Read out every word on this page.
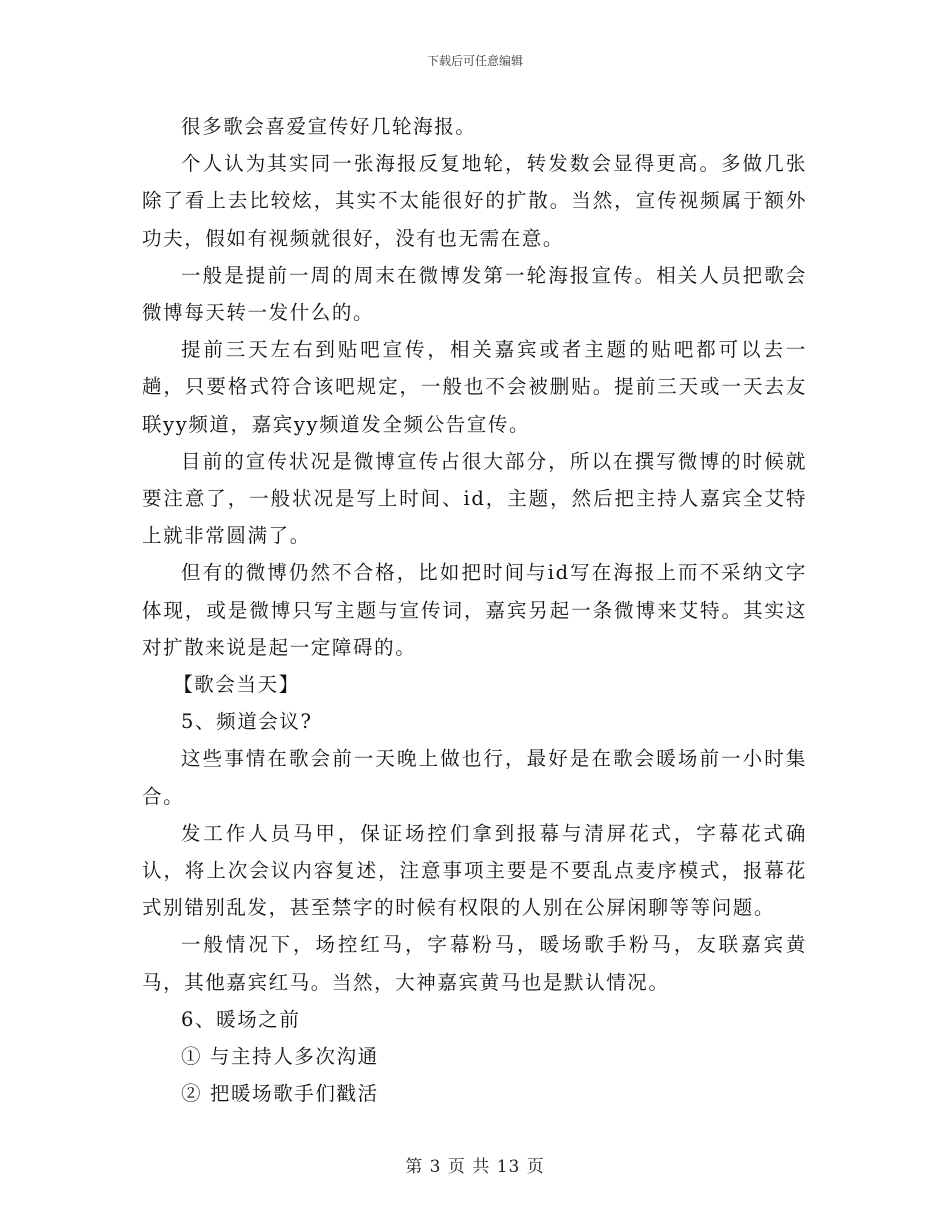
下载后可任意编辑

很多歌会喜爱宣传好几轮海报。

个人认为其实同一张海报反复地轮，转发数会显得更高。多做几张除了看上去比较炫，其实不太能很好的扩散。当然，宣传视频属于额外功夫，假如有视频就很好，没有也无需在意。

一般是提前一周的周末在微博发第一轮海报宣传。相关人员把歌会微博每天转一发什么的。

提前三天左右到贴吧宣传，相关嘉宾或者主题的贴吧都可以去一趟，只要格式符合该吧规定，一般也不会被删贴。提前三天或一天去友联yy频道，嘉宾yy频道发全频公告宣传。

目前的宣传状况是微博宣传占很大部分，所以在撰写微博的时候就要注意了，一般状况是写上时间、id，主题，然后把主持人嘉宾全艾特上就非常圆满了。

但有的微博仍然不合格，比如把时间与id写在海报上而不采纳文字体现，或是微博只写主题与宣传词，嘉宾另起一条微博来艾特。其实这对扩散来说是起一定障碍的。

【歌会当天】

5、频道会议?

这些事情在歌会前一天晚上做也行，最好是在歌会暖场前一小时集合。

发工作人员马甲，保证场控们拿到报幕与清屏花式，字幕花式确认，将上次会议内容复述，注意事项主要是不要乱点麦序模式，报幕花式别错别乱发，甚至禁字的时候有权限的人别在公屏闲聊等等问题。

一般情况下，场控红马，字幕粉马，暖场歌手粉马，友联嘉宾黄马，其他嘉宾红马。当然，大神嘉宾黄马也是默认情况。

6、暖场之前

① 与主持人多次沟通

② 把暖场歌手们戳活

第 3 页 共 13 页
